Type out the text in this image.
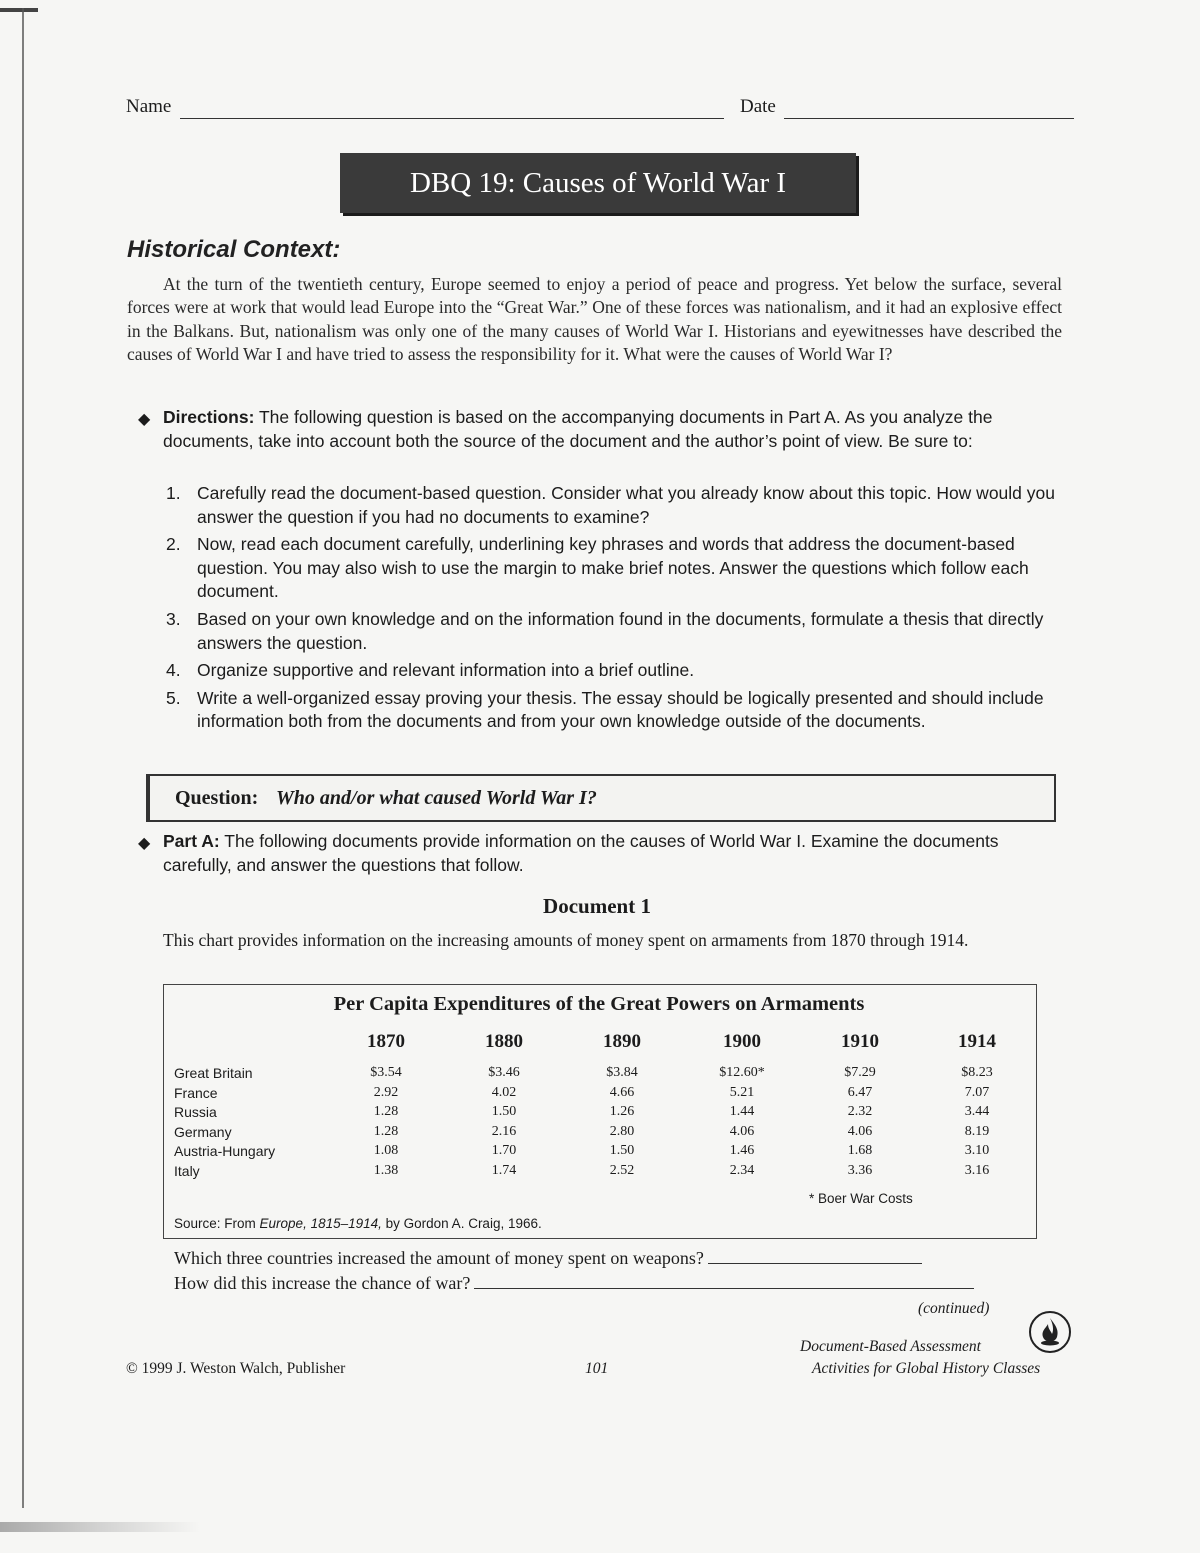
Name	Date
DBQ 19: Causes of World War I
Historical Context:
At the turn of the twentieth century, Europe seemed to enjoy a period of peace and progress. Yet below the surface, several forces were at work that would lead Europe into the “Great War.” One of these forces was nationalism, and it had an explosive effect in the Balkans. But, nationalism was only one of the many causes of World War I. Historians and eyewitnesses have described the causes of World War I and have tried to assess the responsibility for it. What were the causes of World War I?
◆ Directions: The following question is based on the accompanying documents in Part A. As you analyze the documents, take into account both the source of the document and the author’s point of view. Be sure to:
1. Carefully read the document-based question. Consider what you already know about this topic. How would you answer the question if you had no documents to examine?
2. Now, read each document carefully, underlining key phrases and words that address the document-based question. You may also wish to use the margin to make brief notes. Answer the questions which follow each document.
3. Based on your own knowledge and on the information found in the documents, formulate a thesis that directly answers the question.
4. Organize supportive and relevant information into a brief outline.
5. Write a well-organized essay proving your thesis. The essay should be logically presented and should include information both from the documents and from your own knowledge outside of the documents.
Question: Who and/or what caused World War I?
◆ Part A: The following documents provide information on the causes of World War I. Examine the documents carefully, and answer the questions that follow.
Document 1
This chart provides information on the increasing amounts of money spent on armaments from 1870 through 1914.
Per Capita Expenditures of the Great Powers on Armaments
* Boer War Costs
Source: From Europe, 1815–1914, by Gordon A. Craig, 1966.
1870	1880	1890	1900	1910	1914
Great Britain	$3.54	$3.46	$3.84	$12.60*	$7.29	$8.23
France	2.92	4.02	4.66	5.21	6.47	7.07
Russia	1.28	1.50	1.26	1.44	2.32	3.44
Germany	1.28	2.16	2.80	4.06	4.06	8.19
Austria-Hungary	1.08	1.70	1.50	1.46	1.68	3.10
Italy	1.38	1.74	2.52	2.34	3.36	3.16
Which three countries increased the amount of money spent on weapons?
How did this increase the chance of war?
(continued)
Document-Based Assessment
Activities for Global History Classes
© 1999 J. Weston Walch, Publisher	101
